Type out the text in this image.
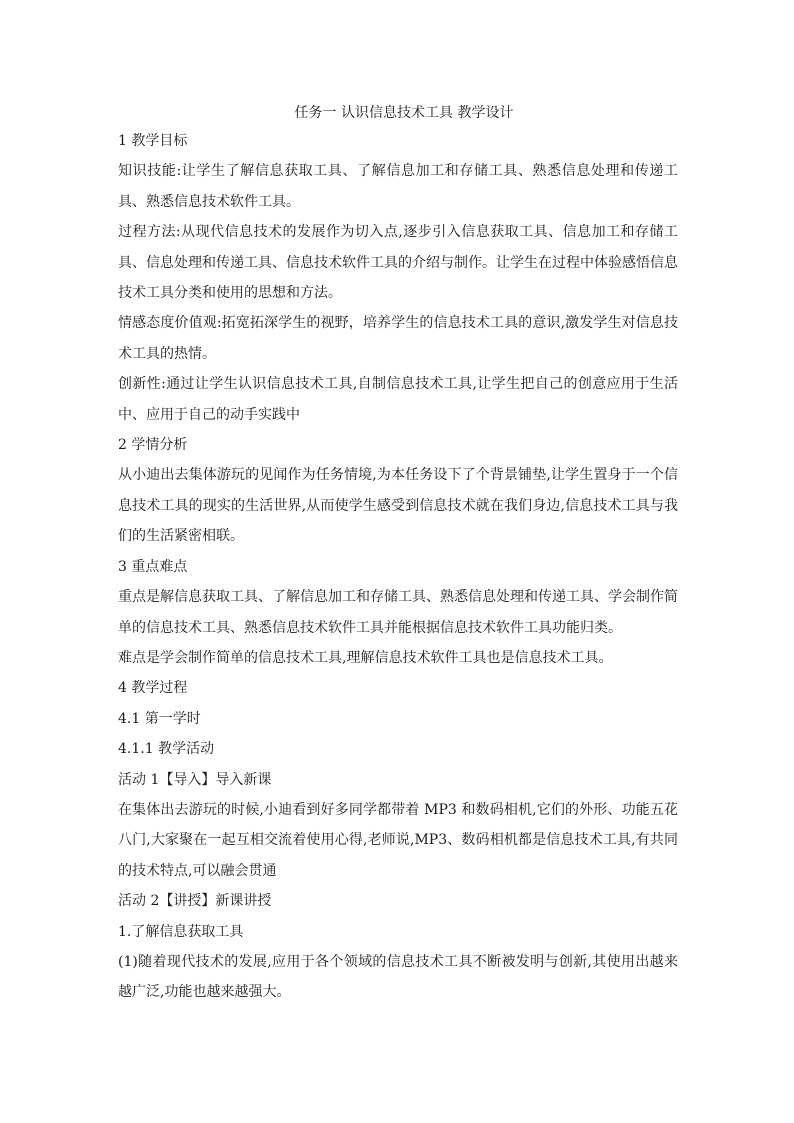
任务一 认识信息技术工具 教学设计
1 教学目标
知识技能:让学生了解信息获取工具、了解信息加工和存储工具、熟悉信息处理和传递工具、熟悉信息技术软件工具。
过程方法:从现代信息技术的发展作为切入点,逐步引入信息获取工具、信息加工和存储工具、信息处理和传递工具、信息技术软件工具的介绍与制作。让学生在过程中体验感悟信息技术工具分类和使用的思想和方法。
情感态度价值观:拓宽拓深学生的视野，培养学生的信息技术工具的意识,激发学生对信息技术工具的热情。
创新性:通过让学生认识信息技术工具,自制信息技术工具,让学生把自己的创意应用于生活中、应用于自己的动手实践中
2 学情分析
从小迪出去集体游玩的见闻作为任务情境,为本任务设下了个背景铺垫,让学生置身于一个信息技术工具的现实的生活世界,从而使学生感受到信息技术就在我们身边,信息技术工具与我们的生活紧密相联。
3 重点难点
重点是解信息获取工具、了解信息加工和存储工具、熟悉信息处理和传递工具、学会制作简单的信息技术工具、熟悉信息技术软件工具并能根据信息技术软件工具功能归类。
难点是学会制作简单的信息技术工具,理解信息技术软件工具也是信息技术工具。
4 教学过程
4.1 第一学时
4.1.1 教学活动
活动 1【导入】导入新课
在集体出去游玩的时候,小迪看到好多同学都带着 MP3 和数码相机,它们的外形、功能五花八门,大家聚在一起互相交流着使用心得,老师说,MP3、数码相机都是信息技术工具,有共同的技术特点,可以融会贯通
活动 2【讲授】新课讲授
1.了解信息获取工具
(1)随着现代技术的发展,应用于各个领域的信息技术工具不断被发明与创新,其使用出越来越广泛,功能也越来越强大。
